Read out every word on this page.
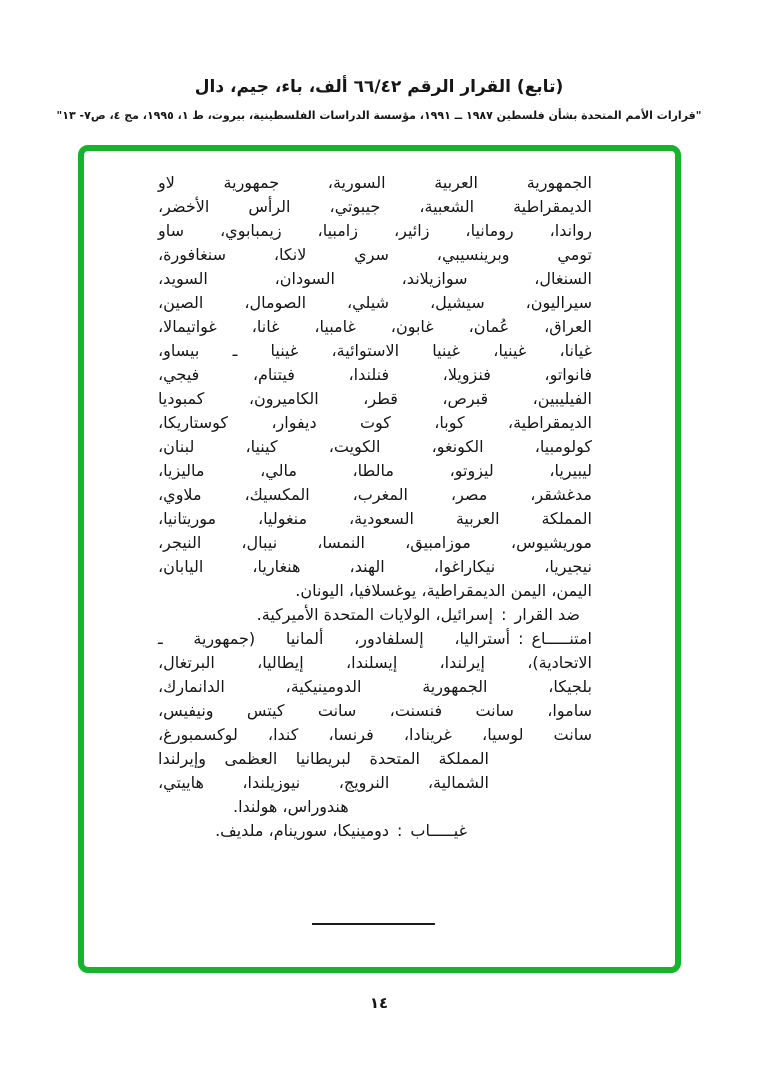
(تابع) القرار الرقم ٦٦/٤٢ ألف، باء، جيم، دال
"قرارات الأمم المتحدة بشأن فلسطين ١٩٨٧ ــ ١٩٩١، مؤسسة الدراسات الفلسطينية، بيروت، ط ١، ١٩٩٥، مج ٤، ص٧- ١٣"
الجمهورية العربية السورية، جمهورية لاو
الديمقراطية الشعبية، جيبوتي، الرأس الأخضر،
رواندا، رومانيا، زائير، زامبيا، زيمبابوي، ساو
تومي وبرينسيبي، سري لانكا، سنغافورة،
السنغال، سوازيلاند، السودان، السويد،
سيراليون، سيشيل، شيلي، الصومال، الصين،
العراق، عُمان، غابون، غامبيا، غانا، غواتيمالا،
غيانا، غينيا، غينيا الاستوائية، غينيا ـ بيساو،
فانواتو، فنزويلا، فنلندا، فيتنام، فيجي،
الفيليبين، قبرص، قطر، الكاميرون، كمبوديا
الديمقراطية، كوبا، كوت ديفوار، كوستاريكا،
كولومبيا، الكونغو، الكويت، كينيا، لبنان،
ليبيريا، ليزوتو، مالطا، مالي، ماليزيا،
مدغشقر، مصر، المغرب، المكسيك، ملاوي،
المملكة العربية السعودية، منغوليا، موريتانيا،
موريشيوس، موزامبيق، النمسا، نيبال، النيجر،
نيجيريا، نيكاراغوا، الهند، هنغاريا، اليابان،
اليمن، اليمن الديمقراطية، يوغسلافيا، اليونان.
ضد القرار:إسرائيل، الولايات المتحدة الأميركية.
امتنـــــاع:أستراليا، إلسلفادور، ألمانيا (جمهورية ـ
الاتحادية)، إيرلندا، إيسلندا، إيطاليا، البرتغال،
بلجيكا، الجمهورية الدومينيكية، الدانمارك،
ساموا، سانت فنسنت، سانت كيتس ونيفيس،
سانت لوسيا، غرينادا، فرنسا، كندا، لوكسمبورغ،
المملكة المتحدة لبريطانيا العظمى وإيرلندا
الشمالية، النرويج، نيوزيلندا، هاييتي،
هندوراس، هولندا.
غيـــــاب:دومينيكا، سورينام، ملديف.
١٤
